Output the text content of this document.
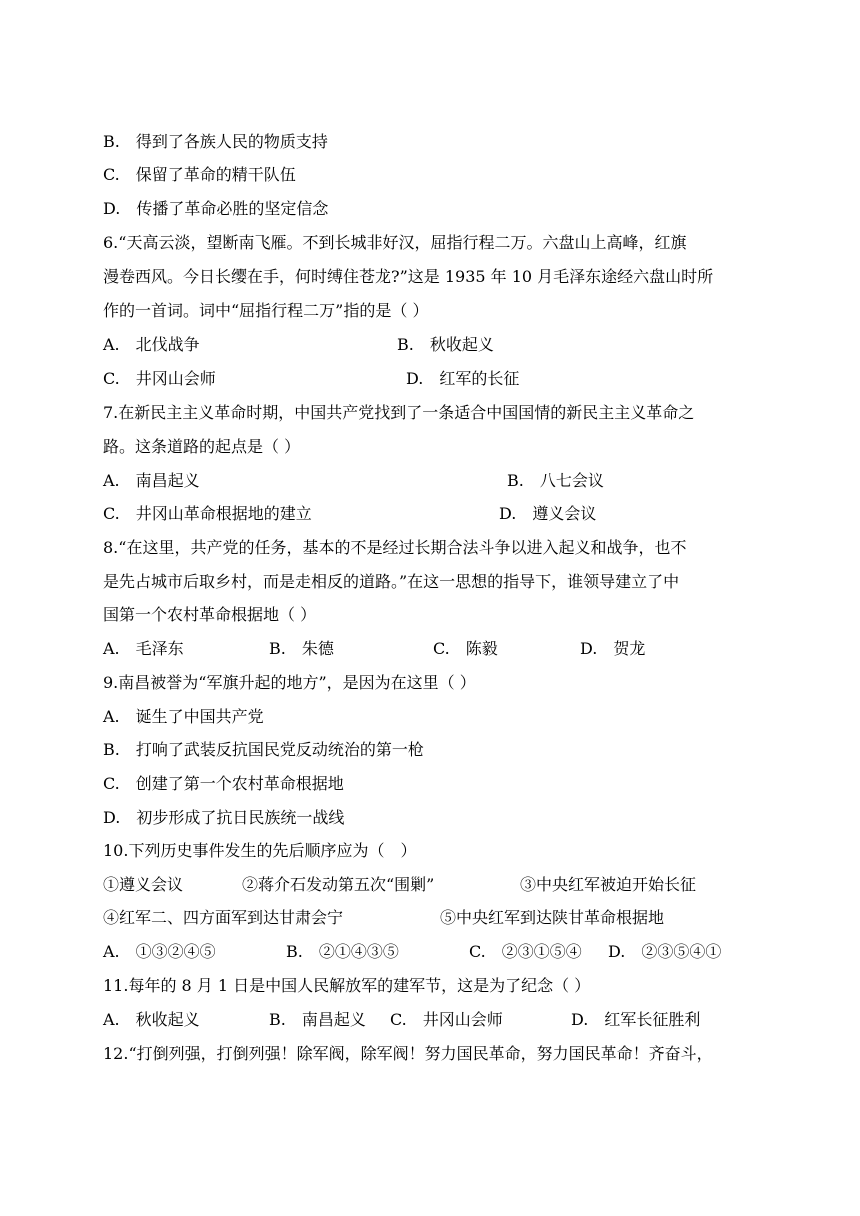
B.　得到了各族人民的物质支持
C.　保留了革命的精干队伍
D.　传播了革命必胜的坚定信念
6.“天高云淡，望断南飞雁。不到长城非好汉，屈指行程二万。六盘山上高峰，红旗
漫卷西风。今日长缨在手，何时缚住苍龙?”这是 1935 年 10 月毛泽东途经六盘山时所
作的一首词。词中“屈指行程二万”指的是（ ）
A.　北伐战争	B.　秋收起义
C.　井冈山会师	D.　红军的长征
7.在新民主主义革命时期，中国共产党找到了一条适合中国国情的新民主主义革命之
路。这条道路的起点是（ ）
A.　南昌起义	B.　八七会议
C.　井冈山革命根据地的建立	D.　遵义会议
8.“在这里，共产党的任务，基本的不是经过长期合法斗争以进入起义和战争，也不
是先占城市后取乡村，而是走相反的道路。”在这一思想的指导下，谁领导建立了中
国第一个农村革命根据地（ ）
A.　毛泽东	B.　朱德	C.　陈毅	D.　贺龙
9.南昌被誉为“军旗升起的地方”，是因为在这里（ ）
A.　诞生了中国共产党
B.　打响了武装反抗国民党反动统治的第一枪
C.　创建了第一个农村革命根据地
D.　初步形成了抗日民族统一战线
10.下列历史事件发生的先后顺序应为（　）
①遵义会议	②蒋介石发动第五次“围剿”	③中央红军被迫开始长征
④红军二、四方面军到达甘肃会宁	⑤中央红军到达陕甘革命根据地
A.　①③②④⑤	B.　②①④③⑤	C.　②③①⑤④ D.　②③⑤④①
11.每年的 8 月 1 日是中国人民解放军的建军节，这是为了纪念（ ）
A.　秋收起义	B.　南昌起义 C.　井冈山会师	D.　红军长征胜利
12.“打倒列强，打倒列强！除军阀，除军阀！努力国民革命，努力国民革命！齐奋斗，
